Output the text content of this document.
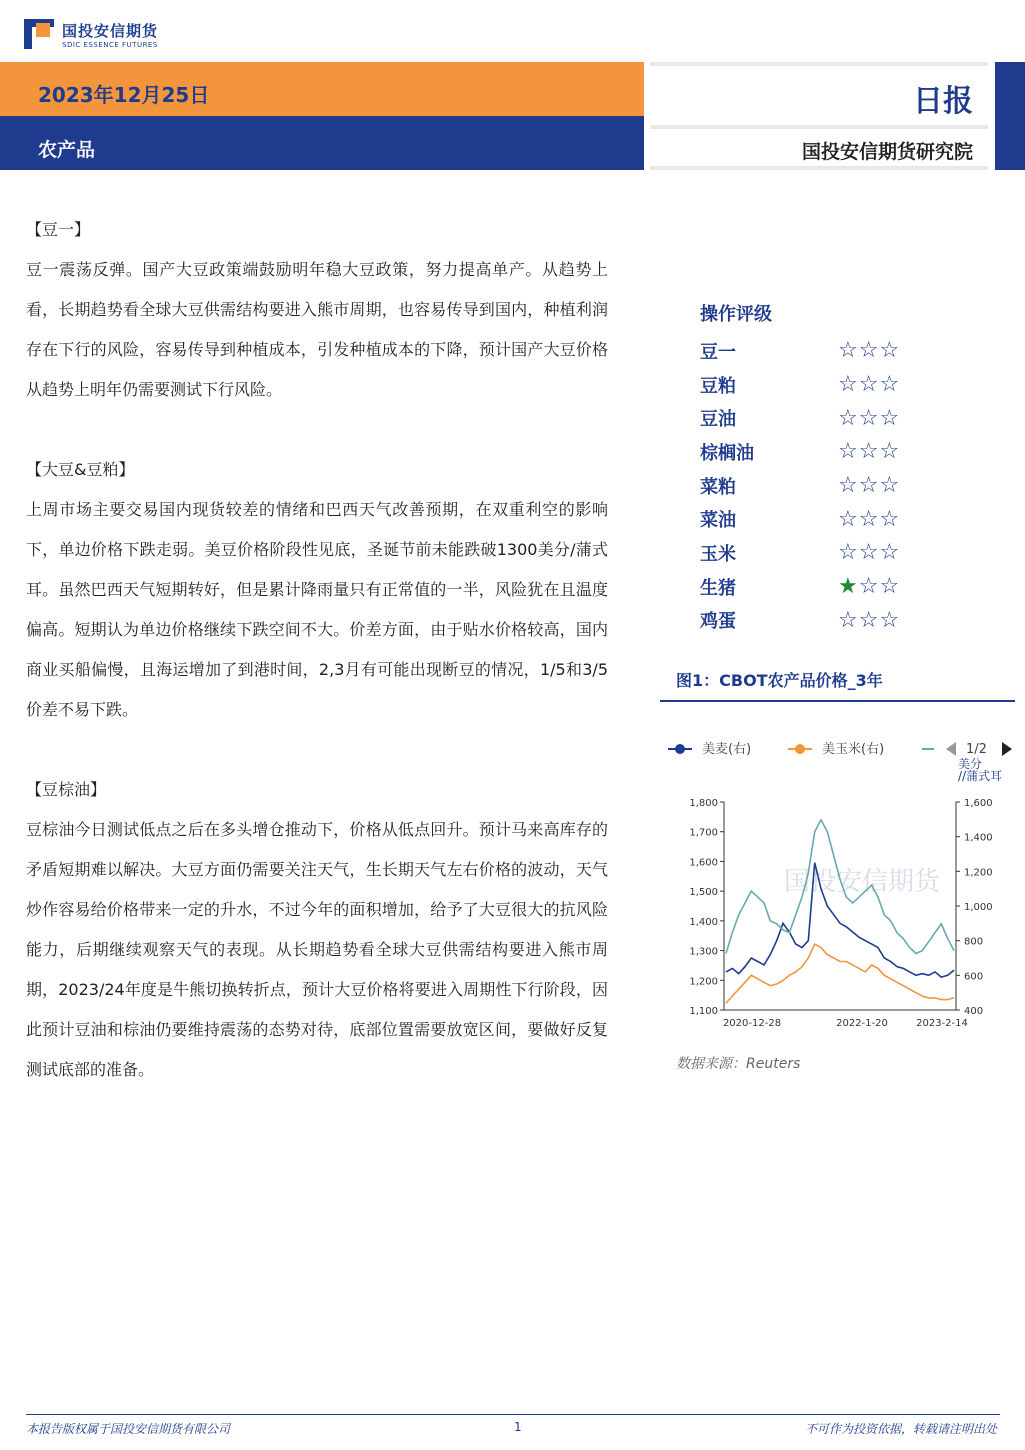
国投安信期货
SDIC ESSENCE FUTURES
2023年12月25日
农产品
日报
国投安信期货研究院
【豆一】

豆一震荡反弹。国产大豆政策端鼓励明年稳大豆政策，努力提高单产。从趋势上看，长期趋势看全球大豆供需结构要进入熊市周期，也容易传导到国内，种植利润存在下行的风险，容易传导到种植成本，引发种植成本的下降，预计国产大豆价格从趋势上明年仍需要测试下行风险。

【大豆&豆粕】

上周市场主要交易国内现货较差的情绪和巴西天气改善预期，在双重利空的影响下，单边价格下跌走弱。美豆价格阶段性见底，圣诞节前未能跌破1300美分/蒲式耳。虽然巴西天气短期转好，但是累计降雨量只有正常值的一半，风险犹在且温度偏高。短期认为单边价格继续下跌空间不大。价差方面，由于贴水价格较高，国内商业买船偏慢，且海运增加了到港时间，2,3月有可能出现断豆的情况，1/5和3/5价差不易下跌。

【豆棕油】

豆棕油今日测试低点之后在多头增仓推动下，价格从低点回升。预计马来高库存的矛盾短期难以解决。大豆方面仍需要关注天气，生长期天气左右价格的波动，天气炒作容易给价格带来一定的升水，不过今年的面积增加，给予了大豆很大的抗风险能力，后期继续观察天气的表现。从长期趋势看全球大豆供需结构要进入熊市周期，2023/24年度是牛熊切换转折点，预计大豆价格将要进入周期性下行阶段，因此预计豆油和棕油仍要维持震荡的态势对待，底部位置需要放宽区间，要做好反复测试底部的准备。

操作评级
豆一	☆☆☆
豆粕	☆☆☆
豆油	☆☆☆
棕榈油	☆☆☆
菜粕	☆☆☆
菜油	☆☆☆
玉米	☆☆☆
生猪	★☆☆
鸡蛋	☆☆☆
图1：CBOT农产品价格_3年
美麦(右)	美玉米(右)	1/2
国投安信期货
1,100
1,200
1,300
1,400
1,500
1,600
1,700
1,800
400
600
800
1,000
1,200
1,400
1,600
美分
//蒲式耳
2020-12-28	2022-1-20	2023-2-14
数据来源：Reuters
本报告版权属于国投安信期货有限公司	1	不可作为投资依据，转载请注明出处
